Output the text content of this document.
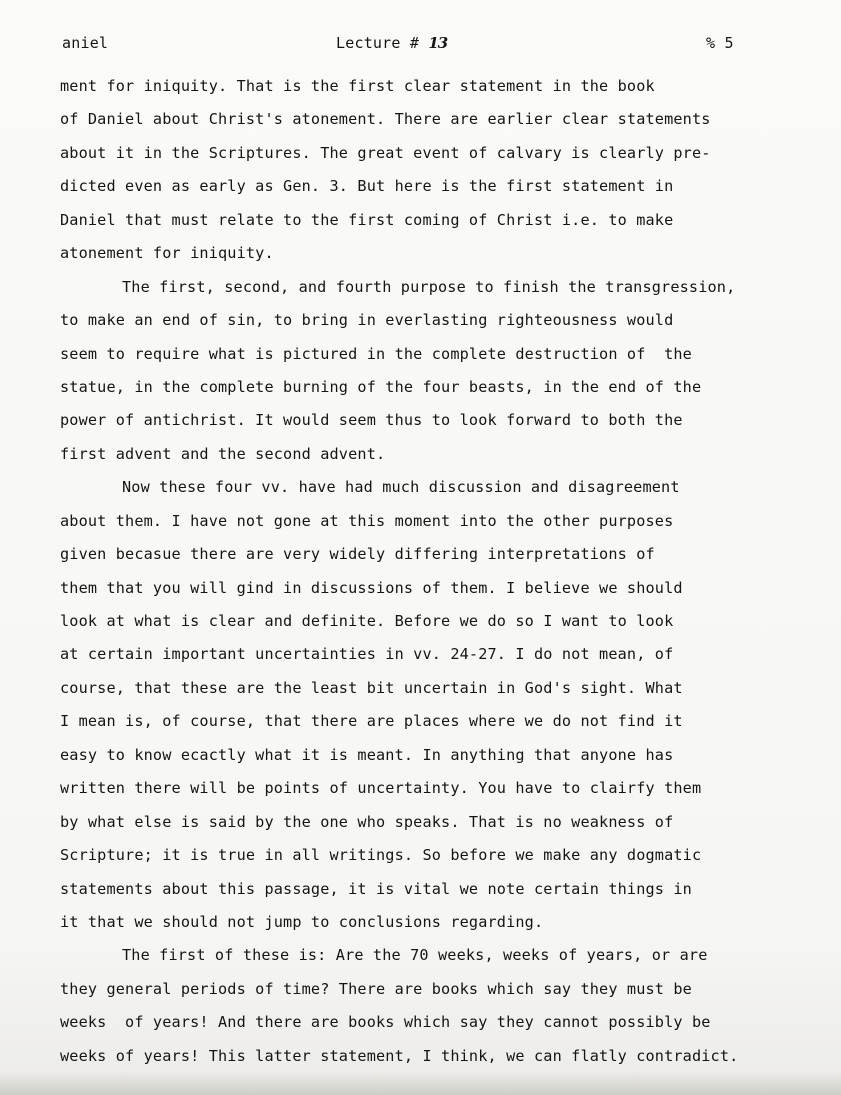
aniel	Lecture # 13	% 5
ment for iniquity. That is the first clear statement in the book
of Daniel about Christ's atonement. There are earlier clear statements
about it in the Scriptures. The great event of calvary is clearly pre-
dicted even as early as Gen. 3. But here is the first statement in
Daniel that must relate to the first coming of Christ i.e. to make
atonement for iniquity.
The first, second, and fourth purpose to finish the transgression,
to make an end of sin, to bring in everlasting righteousness would
seem to require what is pictured in the complete destruction of  the
statue, in the complete burning of the four beasts, in the end of the
power of antichrist. It would seem thus to look forward to both the
first advent and the second advent.
Now these four vv. have had much discussion and disagreement
about them. I have not gone at this moment into the other purposes
given becasue there are very widely differing interpretations of
them that you will gind in discussions of them. I believe we should
look at what is clear and definite. Before we do so I want to look
at certain important uncertainties in vv. 24-27. I do not mean, of
course, that these are the least bit uncertain in God's sight. What
I mean is, of course, that there are places where we do not find it
easy to know ecactly what it is meant. In anything that anyone has
written there will be points of uncertainty. You have to clairfy them
by what else is said by the one who speaks. That is no weakness of
Scripture; it is true in all writings. So before we make any dogmatic
statements about this passage, it is vital we note certain things in
it that we should not jump to conclusions regarding.
The first of these is: Are the 70 weeks, weeks of years, or are
they general periods of time? There are books which say they must be
weeks  of years! And there are books which say they cannot possibly be
weeks of years! This latter statement, I think, we can flatly contradict.
